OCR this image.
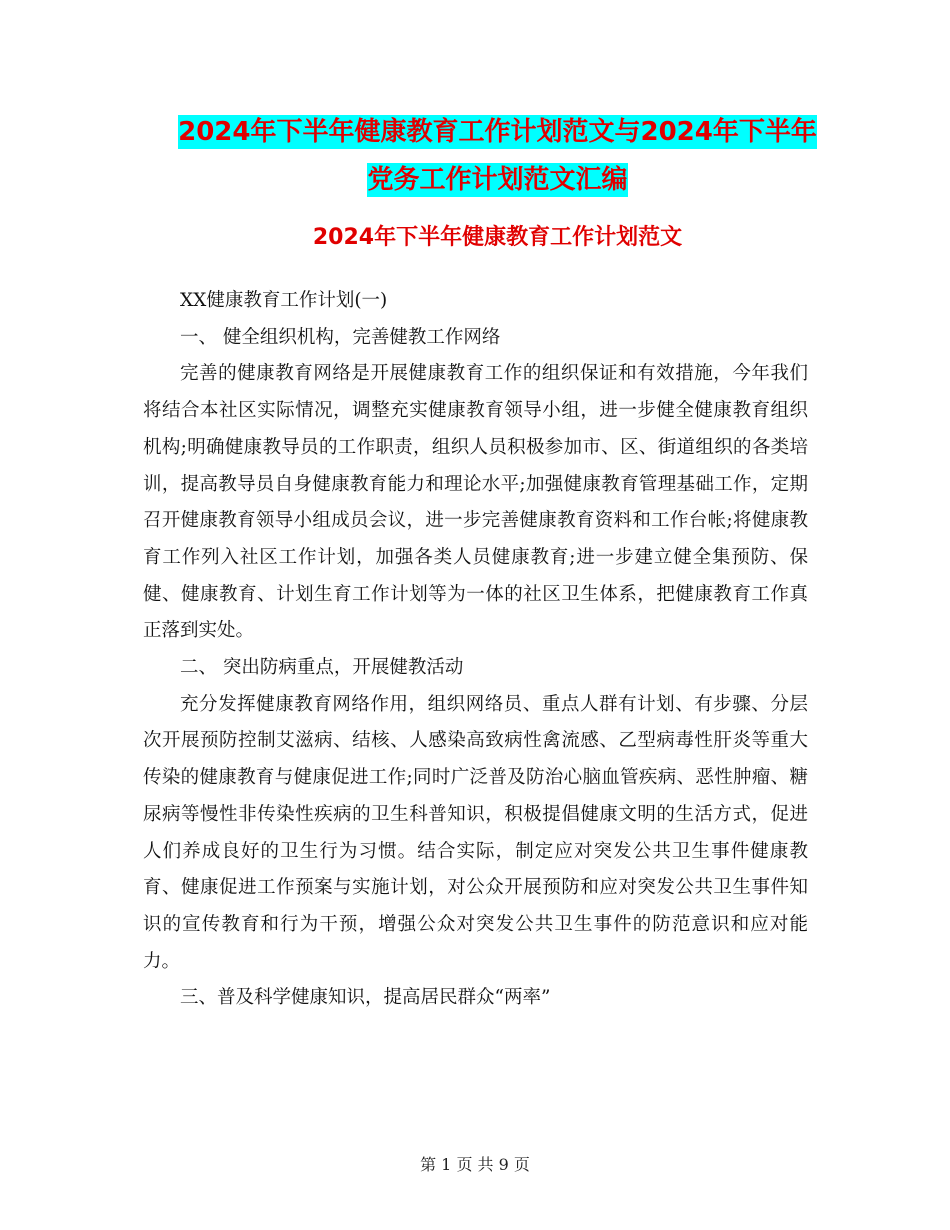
2024年下半年健康教育工作计划范文与2024年下半年
党务工作计划范文汇编
2024年下半年健康教育工作计划范文

XX健康教育工作计划(一)

一、 健全组织机构，完善健教工作网络

完善的健康教育网络是开展健康教育工作的组织保证和有效措施，今年我们将结合本社区实际情况，调整充实健康教育领导小组，进一步健全健康教育组织机构;明确健康教导员的工作职责，组织人员积极参加市、区、街道组织的各类培训，提高教导员自身健康教育能力和理论水平;加强健康教育管理基础工作，定期召开健康教育领导小组成员会议，进一步完善健康教育资料和工作台帐;将健康教育工作列入社区工作计划，加强各类人员健康教育;进一步建立健全集预防、保健、健康教育、计划生育工作计划等为一体的社区卫生体系，把健康教育工作真正落到实处。

二、 突出防病重点，开展健教活动

充分发挥健康教育网络作用，组织网络员、重点人群有计划、有步骤、分层次开展预防控制艾滋病、结核、人感染高致病性禽流感、乙型病毒性肝炎等重大传染的健康教育与健康促进工作;同时广泛普及防治心脑血管疾病、恶性肿瘤、糖尿病等慢性非传染性疾病的卫生科普知识，积极提倡健康文明的生活方式，促进人们养成良好的卫生行为习惯。结合实际，制定应对突发公共卫生事件健康教育、健康促进工作预案与实施计划，对公众开展预防和应对突发公共卫生事件知识的宣传教育和行为干预，增强公众对突发公共卫生事件的防范意识和应对能力。

三、普及科学健康知识，提高居民群众“两率”

第 1 页 共 9 页
